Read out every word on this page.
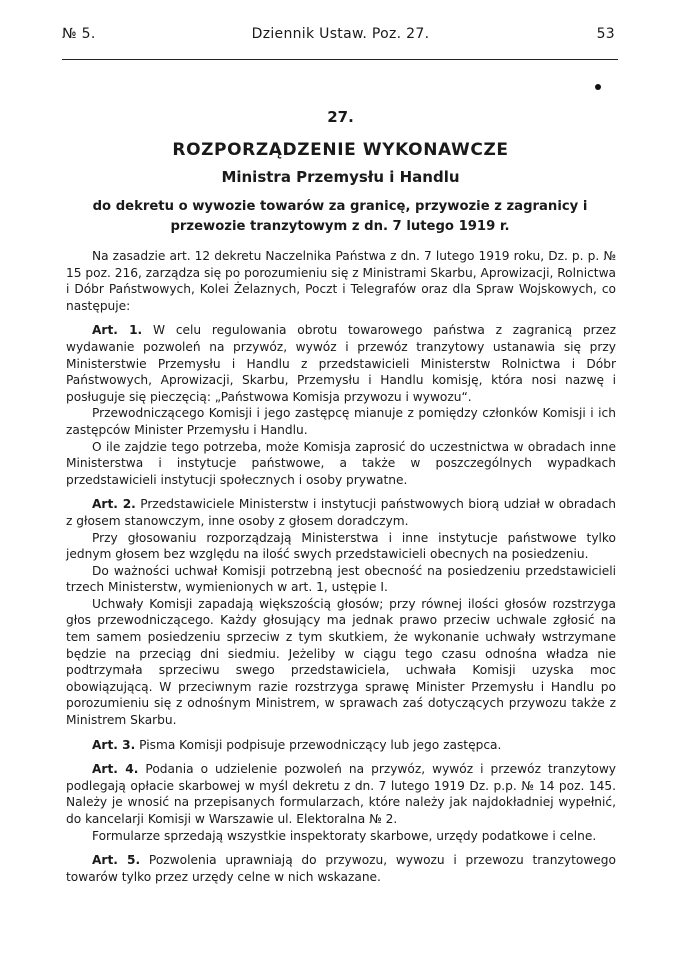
№ 5.	Dziennik Ustaw. Poz. 27.	53
27.
ROZPORZĄDZENIE WYKONAWCZE
Ministra Przemysłu i Handlu
do dekretu o wywozie towarów za granicę, przywozie z zagranicy i przewozie tranzytowym z dn. 7 lutego 1919 r.

Na zasadzie art. 12 dekretu Naczelnika Państwa z dn. 7 lutego 1919 roku, Dz. p. p. № 15 poz. 216, zarządza się po porozumieniu się z Ministrami Skarbu, Aprowizacji, Rolnictwa i Dóbr Państwowych, Kolei Żelaznych, Poczt i Telegrafów oraz dla Spraw Wojskowych, co następuje:

Art. 1. W celu regulowania obrotu towarowego państwa z zagranicą przez wydawanie pozwoleń na przywóz, wywóz i przewóz tranzytowy ustanawia się przy Ministerstwie Przemysłu i Handlu z przedstawicieli Ministerstw Rolnictwa i Dóbr Państwowych, Aprowizacji, Skarbu, Przemysłu i Handlu komisję, która nosi nazwę i posługuje się pieczęcią: „Państwowa Komisja przywozu i wywozu“.

Przewodniczącego Komisji i jego zastępcę mianuje z pomiędzy członków Komisji i ich zastępców Minister Przemysłu i Handlu.

O ile zajdzie tego potrzeba, może Komisja zaprosić do uczestnictwa w obradach inne Ministerstwa i instytucje państwowe, a także w poszczególnych wypadkach przedstawicieli instytucji społecznych i osoby prywatne.

Art. 2. Przedstawiciele Ministerstw i instytucji państwowych biorą udział w obradach z głosem stanowczym, inne osoby z głosem doradczym.

Przy głosowaniu rozporządzają Ministerstwa i inne instytucje państwowe tylko jednym głosem bez względu na ilość swych przedstawicieli obecnych na posiedzeniu.

Do ważności uchwał Komisji potrzebną jest obecność na posiedzeniu przedstawicieli trzech Ministerstw, wymienionych w art. 1, ustępie I.

Uchwały Komisji zapadają większością głosów; przy równej ilości głosów rozstrzyga głos przewodniczącego. Każdy głosujący ma jednak prawo przeciw uchwale zgłosić na tem samem posiedzeniu sprzeciw z tym skutkiem, że wykonanie uchwały wstrzymane będzie na przeciąg dni siedmiu. Jeżeliby w ciągu tego czasu odnośna władza nie podtrzymała sprzeciwu swego przedstawiciela, uchwała Komisji uzyska moc obowiązującą. W przeciwnym razie rozstrzyga sprawę Minister Przemysłu i Handlu po porozumieniu się z odnośnym Ministrem, w sprawach zaś dotyczących przywozu także z Ministrem Skarbu.

Art. 3. Pisma Komisji podpisuje przewodniczący lub jego zastępca.

Art. 4. Podania o udzielenie pozwoleń na przywóz, wywóz i przewóz tranzytowy podlegają opłacie skarbowej w myśl dekretu z dn. 7 lutego 1919 Dz. p.p. № 14 poz. 145. Należy je wnosić na przepisanych formularzach, które należy jak najdokładniej wypełnić, do kancelarji Komisji w Warszawie ul. Elektoralna № 2.

Formularze sprzedają wszystkie inspektoraty skarbowe, urzędy podatkowe i celne.

Art. 5. Pozwolenia uprawniają do przywozu, wywozu i przewozu tranzytowego towarów tylko przez urzędy celne w nich wskazane.
